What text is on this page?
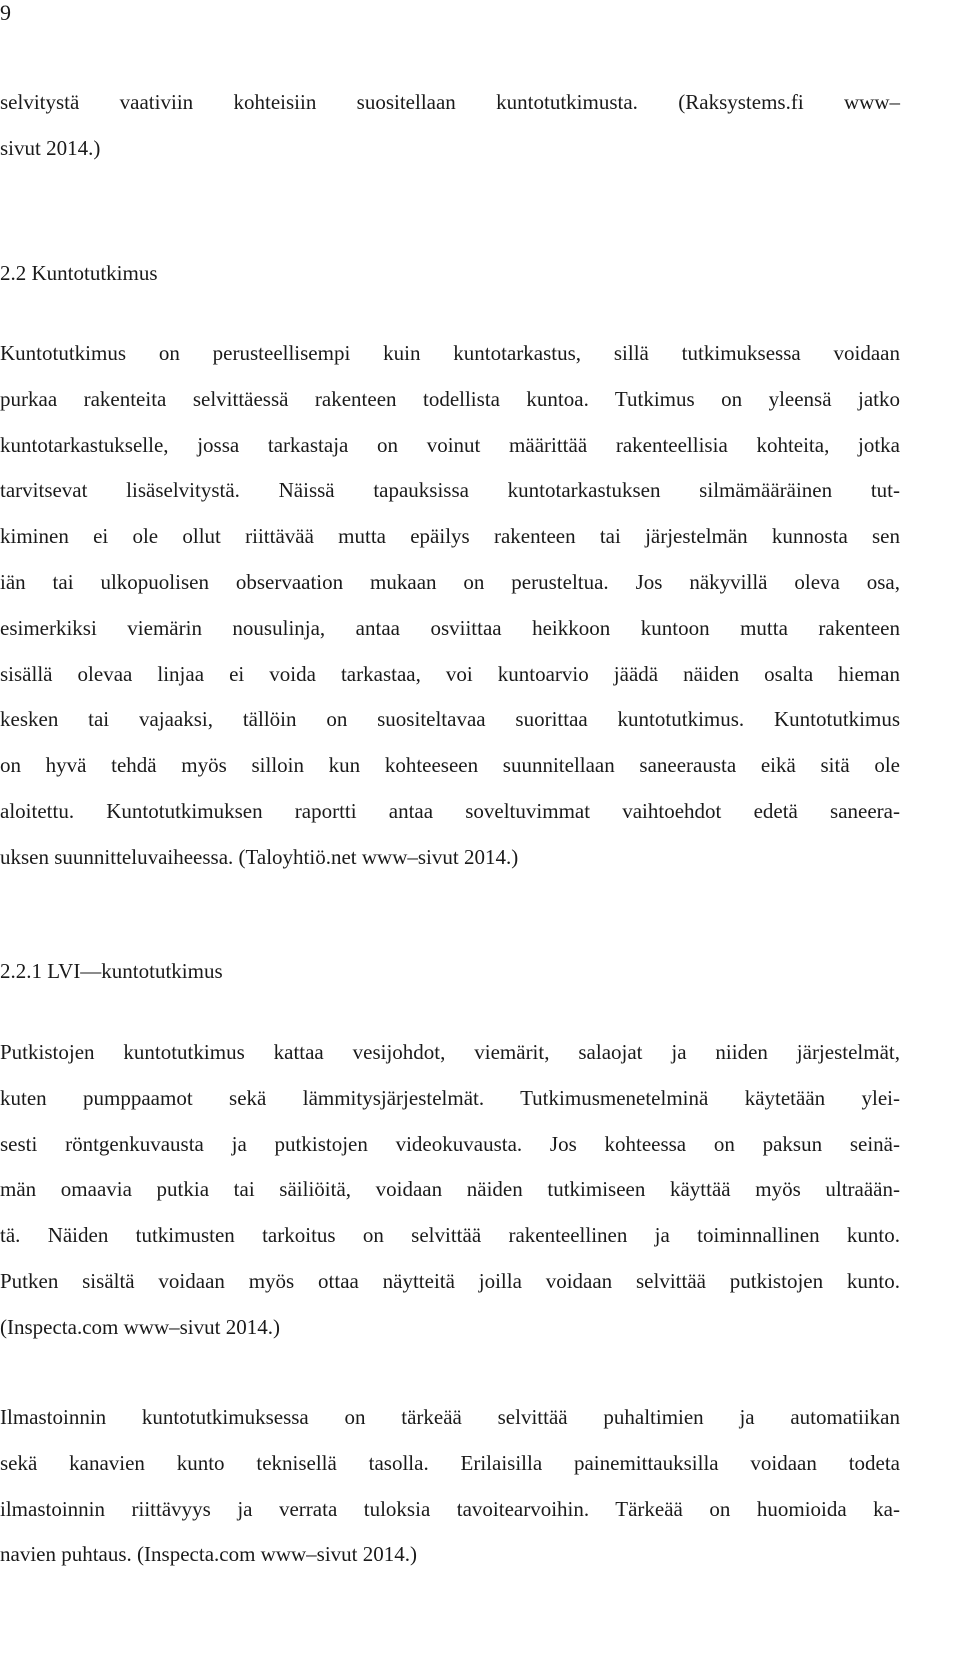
9
selvitystä vaativiin kohteisiin suositellaan kuntotutkimusta. (Raksystems.fi www–
sivut 2014.)
2.2 Kuntotutkimus
Kuntotutkimus on perusteellisempi kuin kuntotarkastus, sillä tutkimuksessa voidaan
purkaa rakenteita selvittäessä rakenteen todellista kuntoa. Tutkimus on yleensä jatko
kuntotarkastukselle, jossa tarkastaja on voinut määrittää rakenteellisia kohteita, jotka
tarvitsevat lisäselvitystä. Näissä tapauksissa kuntotarkastuksen silmämääräinen tut-
kiminen ei ole ollut riittävää mutta epäilys rakenteen tai järjestelmän kunnosta sen
iän tai ulkopuolisen observaation mukaan on perusteltua. Jos näkyvillä oleva osa,
esimerkiksi viemärin nousulinja, antaa osviittaa heikkoon kuntoon mutta rakenteen
sisällä olevaa linjaa ei voida tarkastaa, voi kuntoarvio jäädä näiden osalta hieman
kesken tai vajaaksi, tällöin on suositeltavaa suorittaa kuntotutkimus. Kuntotutkimus
on hyvä tehdä myös silloin kun kohteeseen suunnitellaan saneerausta eikä sitä ole
aloitettu. Kuntotutkimuksen raportti antaa soveltuvimmat vaihtoehdot edetä saneera-
uksen suunnitteluvaiheessa. (Taloyhtiö.net www–sivut 2014.)
2.2.1 LVI—kuntotutkimus
Putkistojen kuntotutkimus kattaa vesijohdot, viemärit, salaojat ja niiden järjestelmät,
kuten pumppaamot sekä lämmitysjärjestelmät. Tutkimusmenetelminä käytetään ylei-
sesti röntgenkuvausta ja putkistojen videokuvausta. Jos kohteessa on paksun seinä-
män omaavia putkia tai säiliöitä, voidaan näiden tutkimiseen käyttää myös ultraään-
tä. Näiden tutkimusten tarkoitus on selvittää rakenteellinen ja toiminnallinen kunto.
Putken sisältä voidaan myös ottaa näytteitä joilla voidaan selvittää putkistojen kunto.
(Inspecta.com www–sivut 2014.)
Ilmastoinnin kuntotutkimuksessa on tärkeää selvittää puhaltimien ja automatiikan
sekä kanavien kunto teknisellä tasolla. Erilaisilla painemittauksilla voidaan todeta
ilmastoinnin riittävyys ja verrata tuloksia tavoitearvoihin. Tärkeää on huomioida ka-
navien puhtaus. (Inspecta.com www–sivut 2014.)
